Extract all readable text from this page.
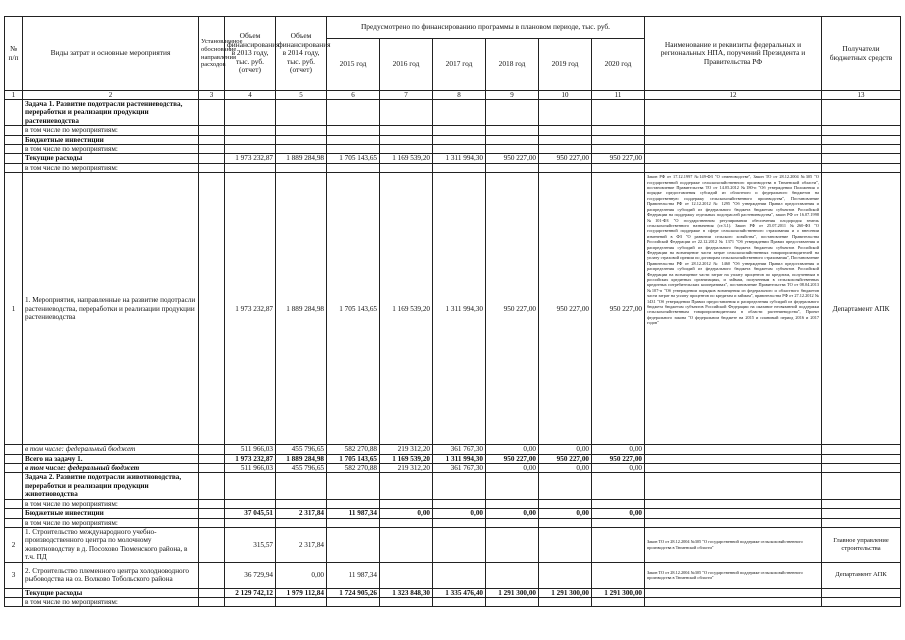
№ п/п	Виды затрат и основные мероприятия	Установленное обоснование направления расходов	Объем финансирования в 2013 году, тыс. руб. (отчет)	Объем финансирования в 2014 году, тыс. руб. (отчет)	Предусмотрено по финансированию программы в плановом периоде, тыс. руб.						Наименование и реквизиты федеральных и региональных НПА, поручений Президента и Правительства РФ	Получатели бюджетных средств
					2015 год	2016 год	2017 год	2018 год	2019 год	2020 год		
1	2	3	4	5	6	7	8	9	10	11	12	13
	Задача 1. Развитие подотрасли растениеводства, переработки и реализации продукции растениеводства											
	в том числе по мероприятиям:											
	Бюджетные инвестиции											
	в том числе по мероприятиям:											
	Текущие расходы		1 973 232,87	1 889 284,98	1 705 143,65	1 169 539,20	1 311 994,30	950 227,00	950 227,00	950 227,00		
	в том числе по мероприятиям:											
1	1. Мероприятия, направленные на развитие подотрасли растениеводства, переработки и реализации продукции растениеводства		1 973 232,87	1 889 284,98	1 705 143,65	1 169 539,20	1 311 994,30	950 227,00	950 227,00	950 227,00	Закон РФ от 17.12.1997 №149-ФЗ "О семеноводстве", Закон ТО от 28.12.2004 №305 "О государственной поддержке сельскохозяйственного производства в Тюменской области", постановление Правительства ТО от 14.05.2012 №180-п "Об утверждении Положения о порядке предоставления субсидий из областного и федерального бюджетов на государственную поддержку сельскохозяйственного производства", Постановление Правительства РФ от 12.12.2012 № 1295 "Об утверждении Правил предоставления и распределения субсидий из федерального бюджета бюджетам субъектов Российской Федерации на поддержку отдельных подотраслей растениеводства", закон РФ от 16.07.1998 №101-ФЗ "О государственном регулировании обеспечения плодородия земель сельскохозяйственного назначения (ст.3.1). Закон РФ от 25.07.2011 №260-ФЗ "О государственной поддержке в сфере сельскохозяйственного страхования и о внесении изменений в ФЗ "О развитии сельского хозяйства", постановление Правительства Российской Федерации от 22.12.2012 № 1371 "Об утверждении Правил предоставления и распределения субсидий из федерального бюджета бюджетам субъектов Российской Федерации на возмещение части затрат сельскохозяйственных товаропроизводителей на уплату страховой премии по договорам сельскохозяйственного страхования", Постановление Правительства РФ от 28.12.2012 № 1460 "Об утверждении Правил предоставления и распределения субсидий из федерального бюджета бюджетам субъектов Российской Федерации на возмещение части затрат на уплату процентов по кредитам, полученным в российских кредитных организациях, и займам, полученным в сельскохозяйственных кредитных потребительских кооперативах", постановление Правительства ТО от 08.04.2013 №107-п "Об утверждении порядков возмещения из федерального и областного бюджетов части затрат на уплату процентов по кредитам и займам", правительства РФ от 27.12.2012 № 1431 "Об утверждении Правил предоставления и распределения субсидий из федерального бюджета бюджетам субъектов Российской Федерации на оказание несвязанной поддержки сельскохозяйственным товаропроизводителям в области растениеводства", Проект федерального закона "О федеральном бюджете на 2015 и плановый период 2016 и 2017 годов"	Департамент АПК
	в том числе: федеральный бюджет		511 966,03	455 796,65	582 270,88	219 312,20	361 767,30	0,00	0,00	0,00		
	Всего на задачу 1.		1 973 232,87	1 889 284,98	1 705 143,65	1 169 539,20	1 311 994,30	950 227,00	950 227,00	950 227,00		
	в том числе: федеральный бюджет		511 966,03	455 796,65	582 270,88	219 312,20	361 767,30	0,00	0,00	0,00		
	Задача 2. Развитие подотрасли животноводства, переработки и реализации продукции животноводства											
	в том числе по мероприятиям:											
	Бюджетные инвестиции		37 045,51	2 317,84	11 987,34	0,00	0,00	0,00	0,00	0,00		
	в том числе по мероприятиям:											
2	1. Строительство международного учебно-производственного центра по молочному животноводству в д. Посохово Тюменского района, в т.ч. ПД		315,57	2 317,84							Закон ТО от 28.12.2004 №305 "О государственной поддержке сельскохозяйственного производства в Тюменской области"	Главное управление строительства
3	2. Строительство племенного центра холодноводного рыбоводства на оз. Волково Тобольского района		36 729,94	0,00	11 987,34						Закон ТО от 28.12.2004 №305 "О государственной поддержке сельскохозяйственного производства в Тюменской области"	Департамент АПК
	Текущие расходы		2 129 742,12	1 979 112,84	1 724 905,26	1 323 848,30	1 335 476,40	1 291 300,00	1 291 300,00	1 291 300,00		
	в том числе по мероприятиям:											
